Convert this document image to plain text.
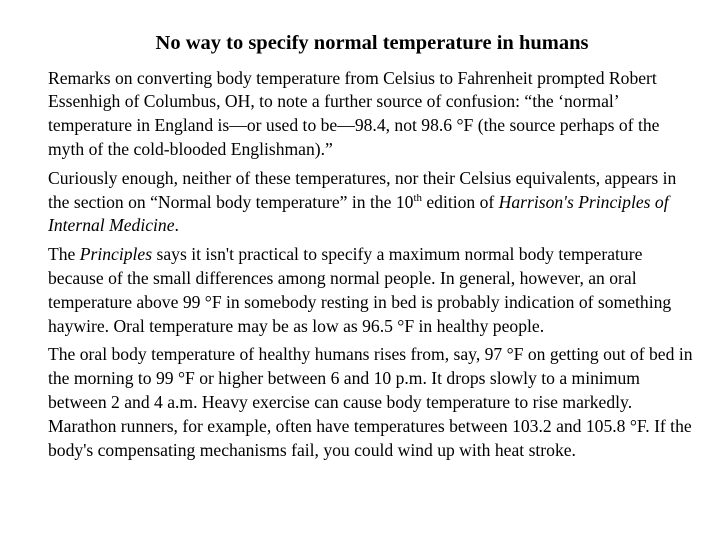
No way to specify normal temperature in humans

Remarks on converting body temperature from Celsius to Fahrenheit prompted Robert Essenhigh of Columbus, OH, to note a further source of confusion: “the ‘normal’ temperature in England is—or used to be—98.4, not 98.6 °F (the source perhaps of the myth of the cold-blooded Englishman).”

Curiously enough, neither of these temperatures, nor their Celsius equivalents, appears in the section on “Normal body temperature” in the 10th edition of Harrison's Principles of Internal Medicine.

The Principles says it isn't practical to specify a maximum normal body temperature because of the small differences among normal people. In general, however, an oral temperature above 99 °F in somebody resting in bed is probably indication of something haywire. Oral temperature may be as low as 96.5 °F in healthy people.

The oral body temperature of healthy humans rises from, say, 97 °F on getting out of bed in the morning to 99 °F or higher between 6 and 10 p.m. It drops slowly to a minimum between 2 and 4 a.m. Heavy exercise can cause body temperature to rise markedly. Marathon runners, for example, often have temperatures between 103.2 and 105.8 °F. If the body's compensating mechanisms fail, you could wind up with heat stroke.
